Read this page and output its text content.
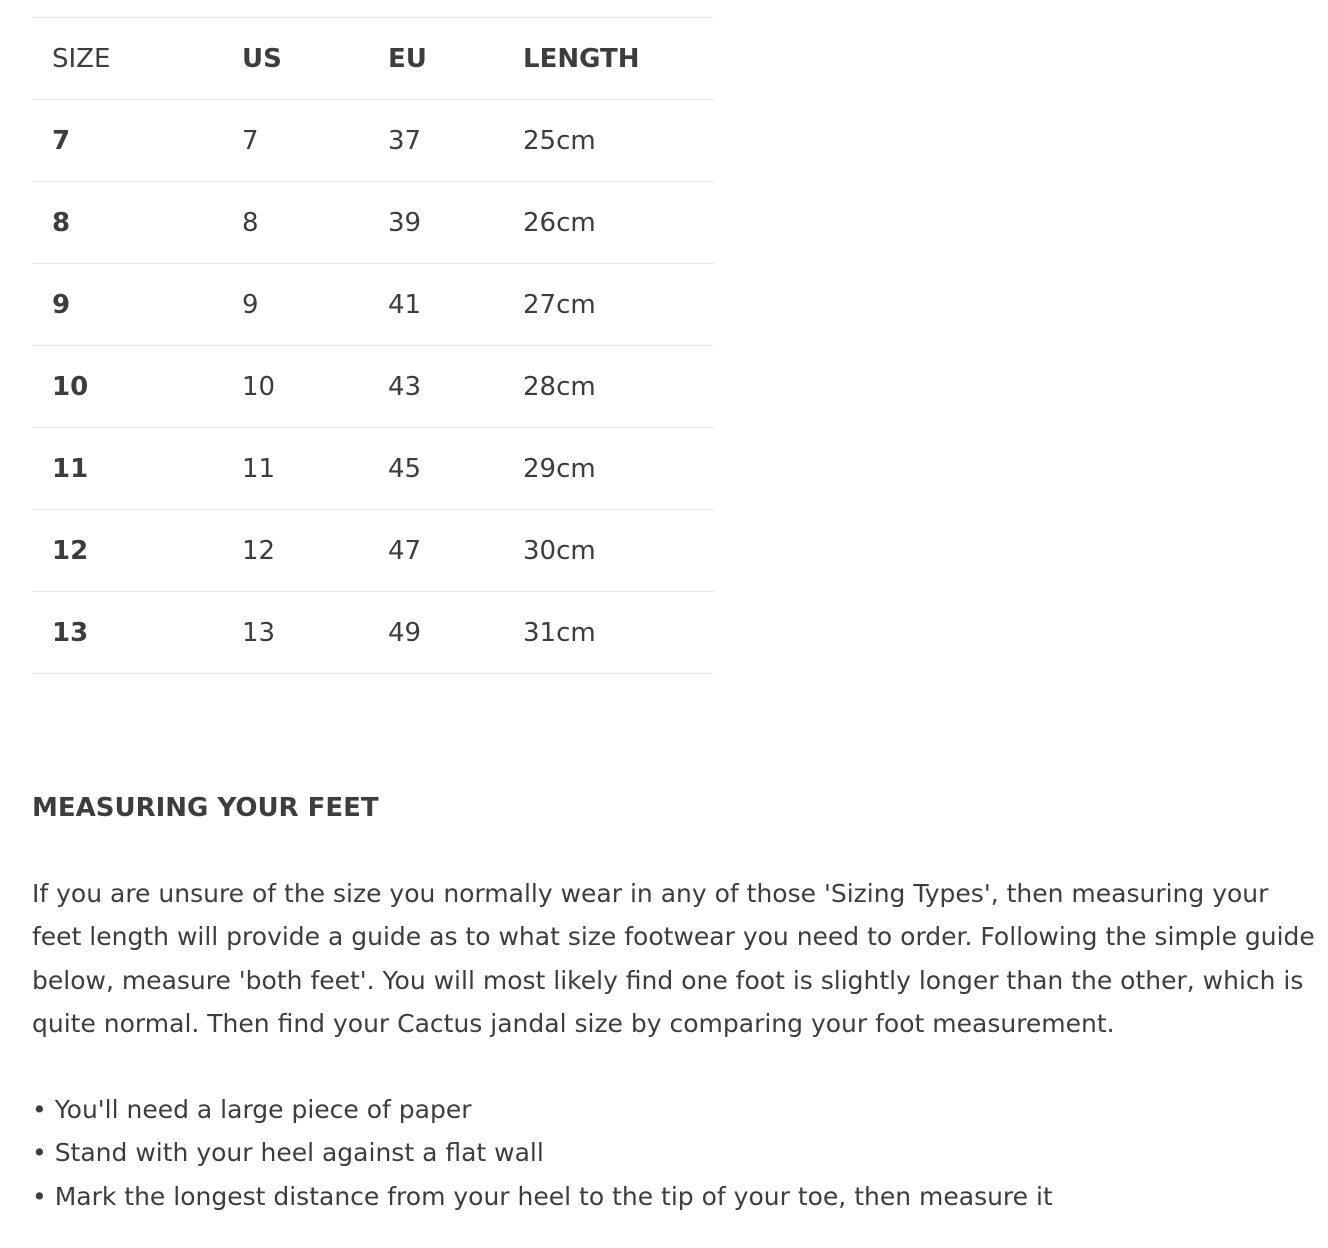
SIZE	US	EU	LENGTH
7	7	37	25cm
8	8	39	26cm
9	9	41	27cm
10	10	43	28cm
11	11	45	29cm
12	12	47	30cm
13	13	49	31cm
MEASURING YOUR FEET

If you are unsure of the size you normally wear in any of those 'Sizing Types', then measuring your feet length will provide a guide as to what size footwear you need to order. Following the simple guide below, measure 'both feet'. You will most likely find one foot is slightly longer than the other, which is quite normal. Then find your Cactus jandal size by comparing your foot measurement.

• You'll need a large piece of paper
• Stand with your heel against a flat wall
• Mark the longest distance from your heel to the tip of your toe, then measure it
